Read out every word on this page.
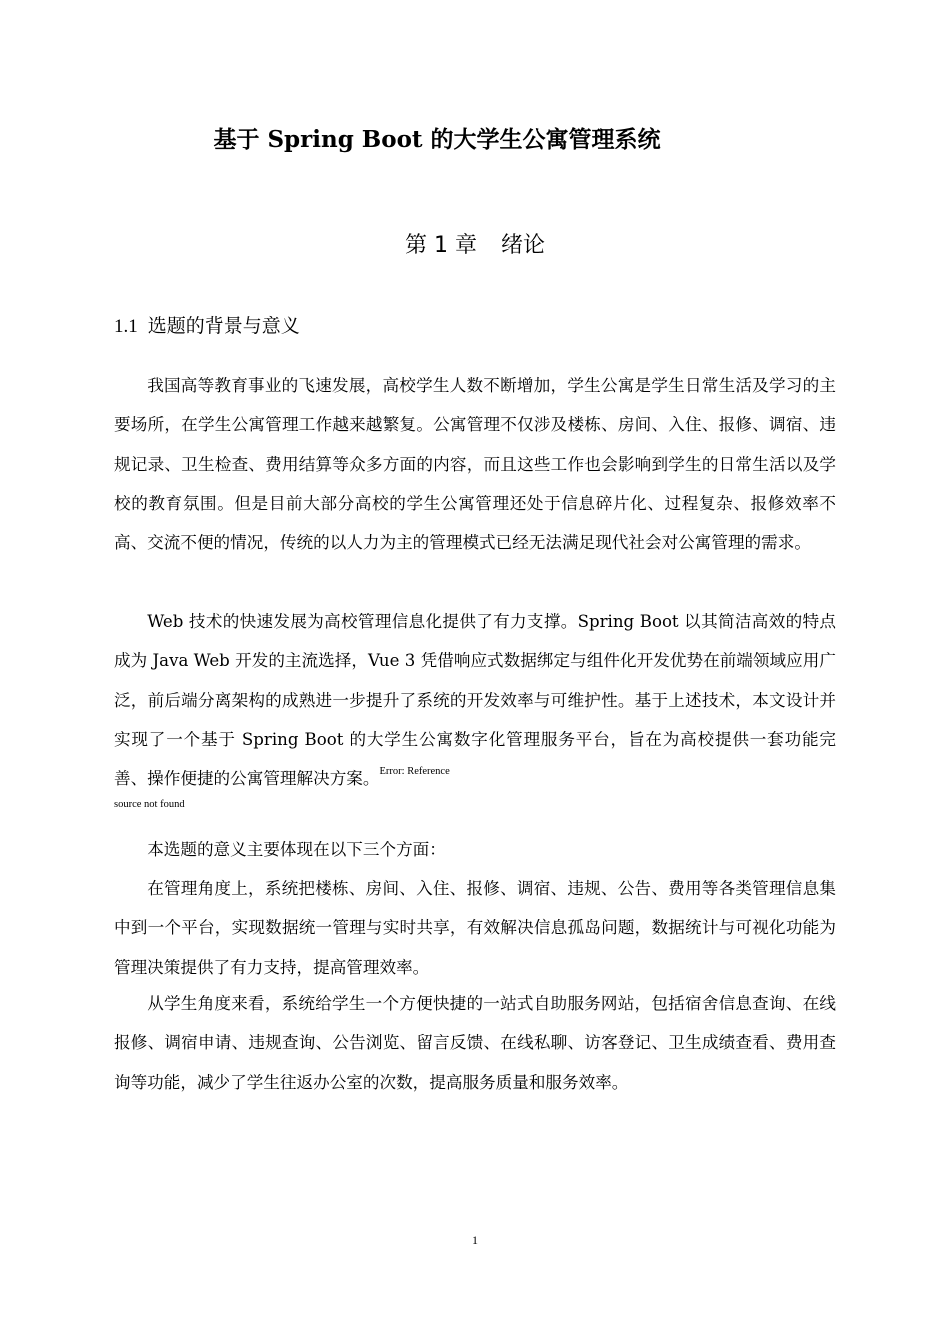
基于 Spring Boot 的大学生公寓管理系统
第 1 章 绪论
1.1 选题的背景与意义

我国高等教育事业的飞速发展，高校学生人数不断增加，学生公寓是学生日常生活及学习的主要场所，在学生公寓管理工作越来越繁复。公寓管理不仅涉及楼栋、房间、入住、报修、调宿、违规记录、卫生检查、费用结算等众多方面的内容，而且这些工作也会影响到学生的日常生活以及学校的教育氛围。但是目前大部分高校的学生公寓管理还处于信息碎片化、过程复杂、报修效率不高、交流不便的情况，传统的以人力为主的管理模式已经无法满足现代社会对公寓管理的需求。

Web 技术的快速发展为高校管理信息化提供了有力支撑。Spring Boot 以其简洁高效的特点成为 Java Web 开发的主流选择，Vue 3 凭借响应式数据绑定与组件化开发优势在前端领域应用广泛，前后端分离架构的成熟进一步提升了系统的开发效率与可维护性。基于上述技术，本文设计并实现了一个基于 Spring Boot 的大学生公寓数字化管理服务平台，旨在为高校提供一套功能完善、操作便捷的公寓管理解决方案。$^{Error: Reference}$

source not found

本选题的意义主要体现在以下三个方面：

在管理角度上，系统把楼栋、房间、入住、报修、调宿、违规、公告、费用等各类管理信息集中到一个平台，实现数据统一管理与实时共享，有效解决信息孤岛问题，数据统计与可视化功能为管理决策提供了有力支持，提高管理效率。

从学生角度来看，系统给学生一个方便快捷的一站式自助服务网站，包括宿舍信息查询、在线报修、调宿申请、违规查询、公告浏览、留言反馈、在线私聊、访客登记、卫生成绩查看、费用查询等功能，减少了学生往返办公室的次数，提高服务质量和服务效率。

1
